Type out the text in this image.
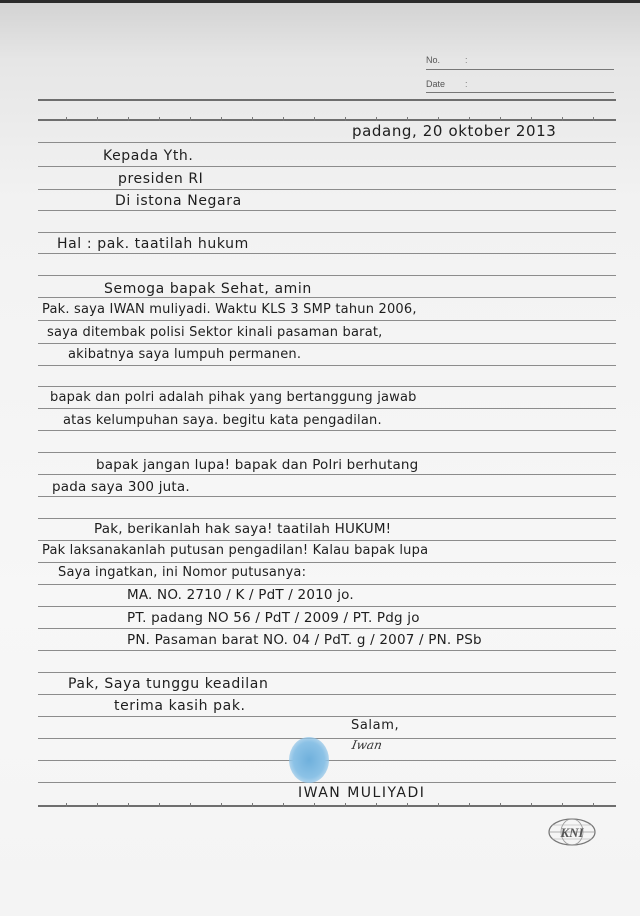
No.	:
Date :
padang, 20 oktober 2013
Kepada Yth.
presiden RI
Di istona Negara
Hal : pak. taatilah hukum
Semoga bapak Sehat, amin
Pak. saya IWAN muliyadi. Waktu KLS 3 SMP tahun 2006,
saya ditembak polisi Sektor kinali pasaman barat,
akibatnya saya lumpuh permanen.
bapak dan polri adalah pihak yang bertanggung jawab
atas kelumpuhan saya. begitu kata pengadilan.
bapak jangan lupa! bapak dan Polri berhutang
pada saya 300 juta.
Pak, berikanlah hak saya! taatilah HUKUM!
Pak laksanakanlah putusan pengadilan! Kalau bapak lupa
Saya ingatkan, ini Nomor putusanya:
MA. NO. 2710 / K / PdT / 2010 jo.
PT. padang NO 56 / PdT / 2009 / PT. Pdg jo
PN. Pasaman barat NO. 04 / PdT. g / 2007 / PN. PSb
Pak, Saya tunggu keadilan
terima kasih pak.
Salam,
Iwan
IWAN MULIYADI
KNI
